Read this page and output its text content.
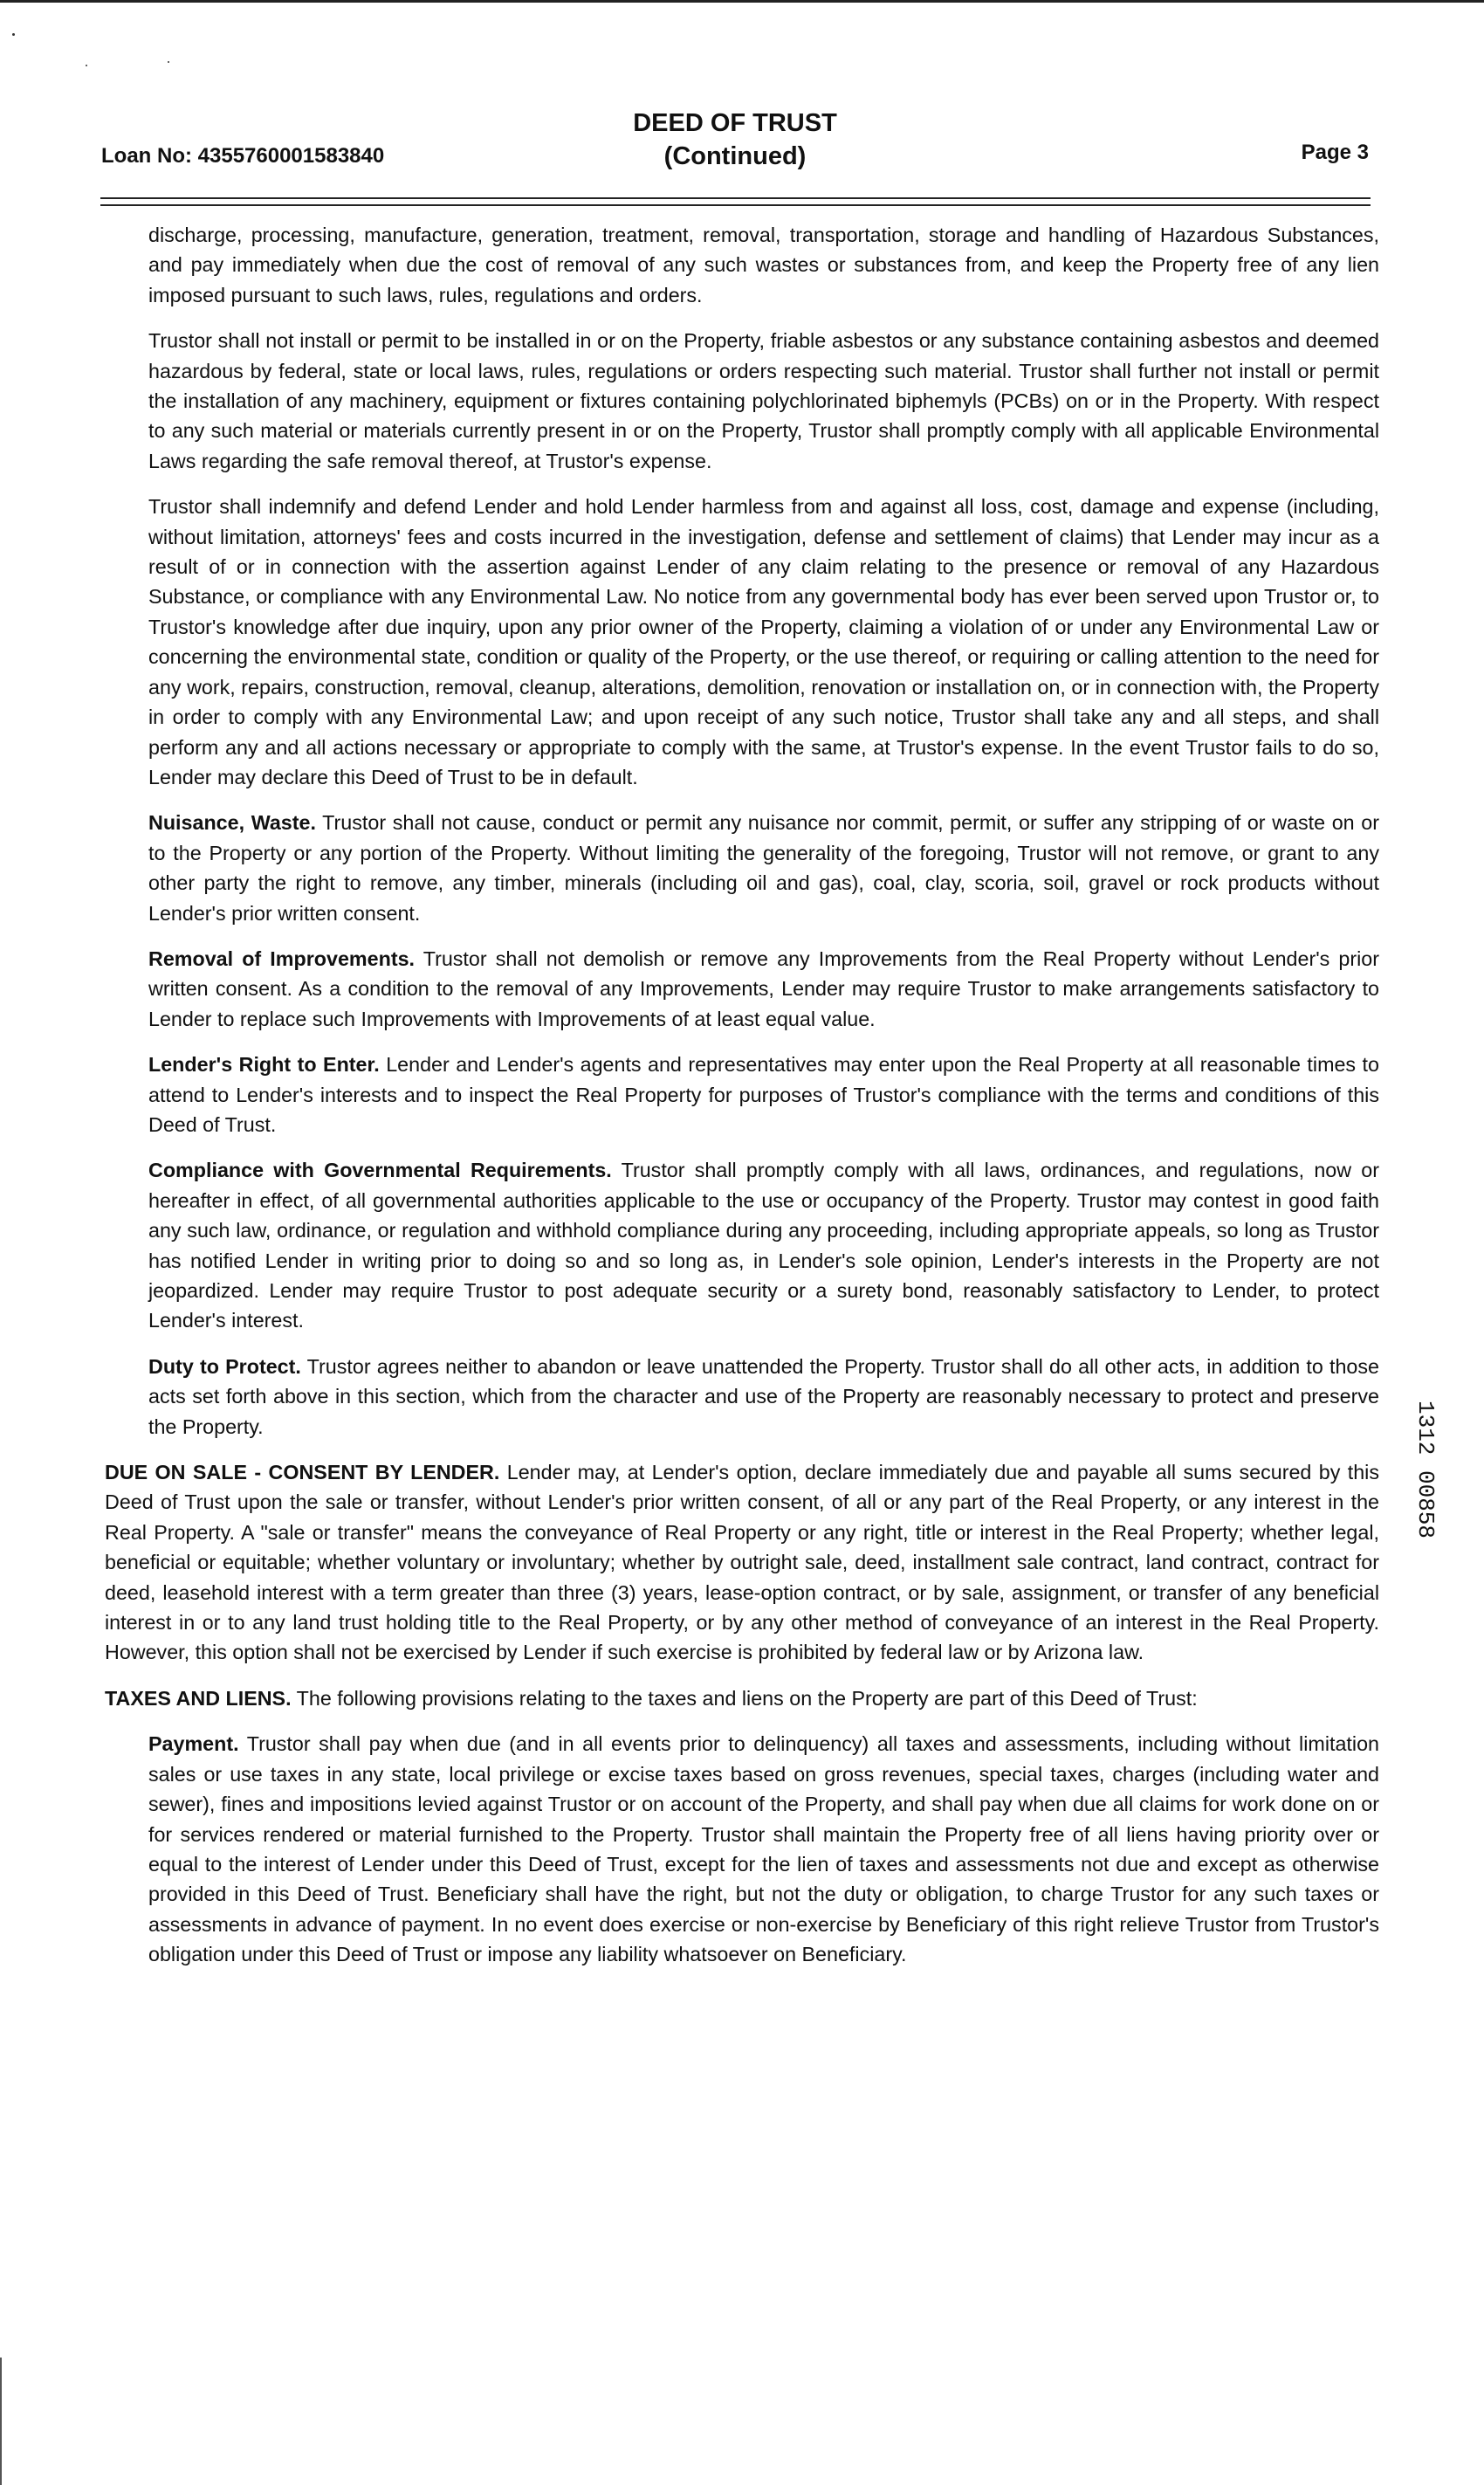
Loan No: 4355760001583840
DEED OF TRUST
(Continued)	Page 3

discharge, processing, manufacture, generation, treatment, removal, transportation, storage and handling of Hazardous Substances, and pay immediately when due the cost of removal of any such wastes or substances from, and keep the Property free of any lien imposed pursuant to such laws, rules, regulations and orders.

Trustor shall not install or permit to be installed in or on the Property, friable asbestos or any substance containing asbestos and deemed hazardous by federal, state or local laws, rules, regulations or orders respecting such material. Trustor shall further not install or permit the installation of any machinery, equipment or fixtures containing polychlorinated biphemyls (PCBs) on or in the Property. With respect to any such material or materials currently present in or on the Property, Trustor shall promptly comply with all applicable Environmental Laws regarding the safe removal thereof, at Trustor's expense.

Trustor shall indemnify and defend Lender and hold Lender harmless from and against all loss, cost, damage and expense (including, without limitation, attorneys' fees and costs incurred in the investigation, defense and settlement of claims) that Lender may incur as a result of or in connection with the assertion against Lender of any claim relating to the presence or removal of any Hazardous Substance, or compliance with any Environmental Law. No notice from any governmental body has ever been served upon Trustor or, to Trustor's knowledge after due inquiry, upon any prior owner of the Property, claiming a violation of or under any Environmental Law or concerning the environmental state, condition or quality of the Property, or the use thereof, or requiring or calling attention to the need for any work, repairs, construction, removal, cleanup, alterations, demolition, renovation or installation on, or in connection with, the Property in order to comply with any Environmental Law; and upon receipt of any such notice, Trustor shall take any and all steps, and shall perform any and all actions necessary or appropriate to comply with the same, at Trustor's expense. In the event Trustor fails to do so, Lender may declare this Deed of Trust to be in default.

Nuisance, Waste. Trustor shall not cause, conduct or permit any nuisance nor commit, permit, or suffer any stripping of or waste on or to the Property or any portion of the Property. Without limiting the generality of the foregoing, Trustor will not remove, or grant to any other party the right to remove, any timber, minerals (including oil and gas), coal, clay, scoria, soil, gravel or rock products without Lender's prior written consent.

Removal of Improvements. Trustor shall not demolish or remove any Improvements from the Real Property without Lender's prior written consent. As a condition to the removal of any Improvements, Lender may require Trustor to make arrangements satisfactory to Lender to replace such Improvements with Improvements of at least equal value.

Lender's Right to Enter. Lender and Lender's agents and representatives may enter upon the Real Property at all reasonable times to attend to Lender's interests and to inspect the Real Property for purposes of Trustor's compliance with the terms and conditions of this Deed of Trust.

Compliance with Governmental Requirements. Trustor shall promptly comply with all laws, ordinances, and regulations, now or hereafter in effect, of all governmental authorities applicable to the use or occupancy of the Property. Trustor may contest in good faith any such law, ordinance, or regulation and withhold compliance during any proceeding, including appropriate appeals, so long as Trustor has notified Lender in writing prior to doing so and so long as, in Lender's sole opinion, Lender's interests in the Property are not jeopardized. Lender may require Trustor to post adequate security or a surety bond, reasonably satisfactory to Lender, to protect Lender's interest.

Duty to Protect. Trustor agrees neither to abandon or leave unattended the Property. Trustor shall do all other acts, in addition to those acts set forth above in this section, which from the character and use of the Property are reasonably necessary to protect and preserve the Property.

DUE ON SALE - CONSENT BY LENDER. Lender may, at Lender's option, declare immediately due and payable all sums secured by this Deed of Trust upon the sale or transfer, without Lender's prior written consent, of all or any part of the Real Property, or any interest in the Real Property. A "sale or transfer" means the conveyance of Real Property or any right, title or interest in the Real Property; whether legal, beneficial or equitable; whether voluntary or involuntary; whether by outright sale, deed, installment sale contract, land contract, contract for deed, leasehold interest with a term greater than three (3) years, lease-option contract, or by sale, assignment, or transfer of any beneficial interest in or to any land trust holding title to the Real Property, or by any other method of conveyance of an interest in the Real Property. However, this option shall not be exercised by Lender if such exercise is prohibited by federal law or by Arizona law.

TAXES AND LIENS. The following provisions relating to the taxes and liens on the Property are part of this Deed of Trust:

Payment. Trustor shall pay when due (and in all events prior to delinquency) all taxes and assessments, including without limitation sales or use taxes in any state, local privilege or excise taxes based on gross revenues, special taxes, charges (including water and sewer), fines and impositions levied against Trustor or on account of the Property, and shall pay when due all claims for work done on or for services rendered or material furnished to the Property. Trustor shall maintain the Property free of all liens having priority over or equal to the interest of Lender under this Deed of Trust, except for the lien of taxes and assessments not due and except as otherwise provided in this Deed of Trust. Beneficiary shall have the right, but not the duty or obligation, to charge Trustor for any such taxes or assessments in advance of payment. In no event does exercise or non-exercise by Beneficiary of this right relieve Trustor from Trustor's obligation under this Deed of Trust or impose any liability whatsoever on Beneficiary.

1312
00858
